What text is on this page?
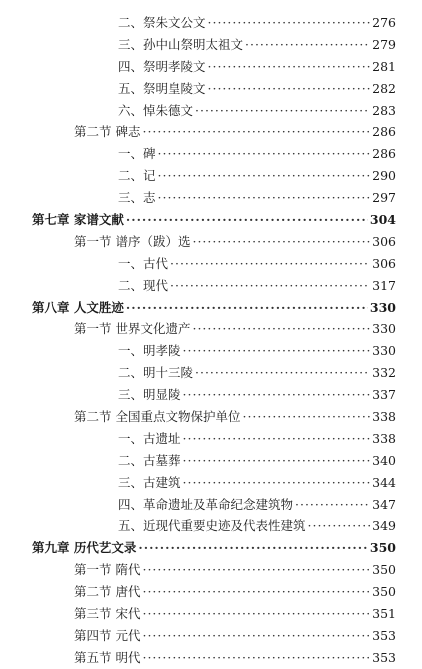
二、祭朱文公文 ·····	276
三、孙中山祭明太祖文 ·····	279
四、祭明孝陵文 ·····	281
五、祭明皇陵文 ·····	282
六、悼朱德文 ·····	283
第二节 碑志 ·····	286
一、碑 ·····	286
二、记 ·····	290
三、志 ·····	297
第七章 家谱文献 ·····	304
第一节 谱序（跋）选 ·····	306
一、古代 ·····	306
二、现代 ·····	317
第八章 人文胜迹 ·····	330
第一节 世界文化遗产 ·····	330
一、明孝陵 ·····	330
二、明十三陵 ·····	332
三、明显陵 ·····	337
第二节 全国重点文物保护单位 ·····	338
一、古遗址 ·····	338
二、古墓葬 ·····	340
三、古建筑 ·····	344
四、革命遗址及革命纪念建筑物 ·····	347
五、近现代重要史迹及代表性建筑 ·····	349
第九章 历代艺文录 ·····	350
第一节 隋代 ·····	350
第二节 唐代 ·····	350
第三节 宋代 ·····	351
第四节 元代 ·····	353
第五节 明代 ·····	353
